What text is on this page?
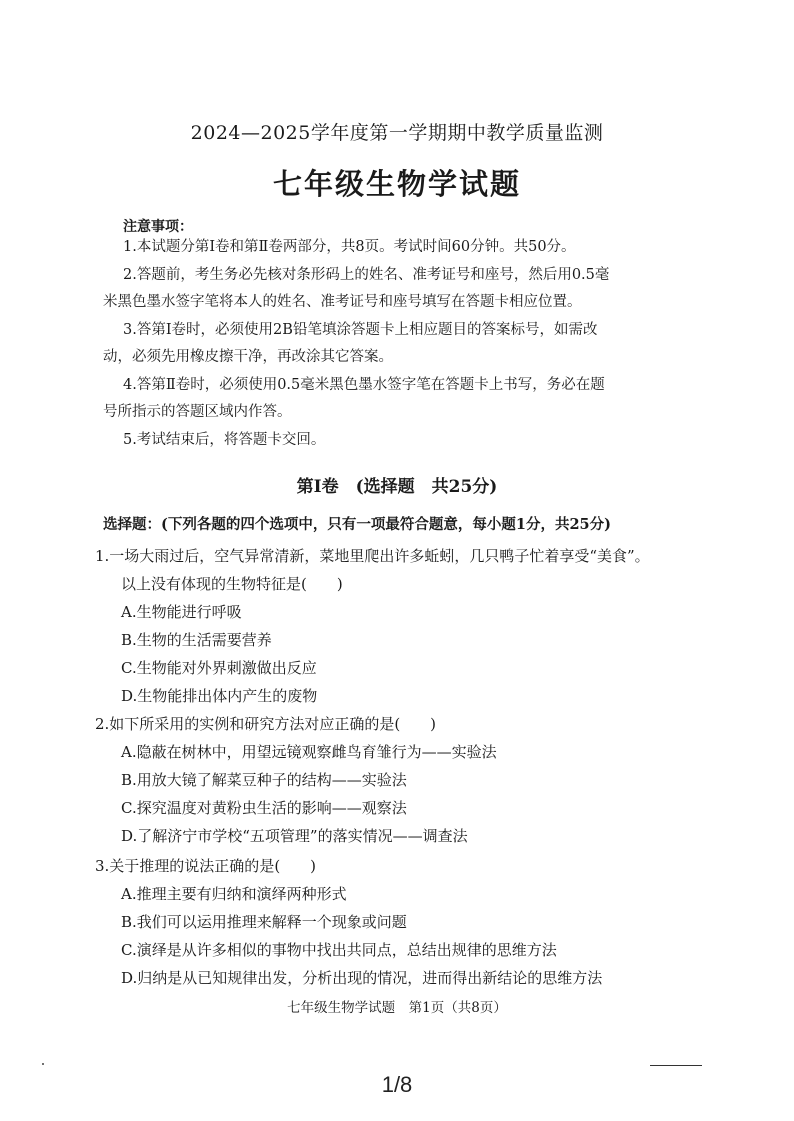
2024—2025学年度第一学期期中教学质量监测
七年级生物学试题
注意事项：
1.本试题分第Ⅰ卷和第Ⅱ卷两部分，共8页。考试时间60分钟。共50分。
2.答题前，考生务必先核对条形码上的姓名、准考证号和座号，然后用0.5毫
米黑色墨水签字笔将本人的姓名、准考证号和座号填写在答题卡相应位置。
3.答第Ⅰ卷时，必须使用2B铅笔填涂答题卡上相应题目的答案标号，如需改
动，必须先用橡皮擦干净，再改涂其它答案。
4.答第Ⅱ卷时，必须使用0.5毫米黑色墨水签字笔在答题卡上书写，务必在题
号所指示的答题区域内作答。
5.考试结束后，将答题卡交回。
第Ⅰ卷　(选择题　共25分)
选择题：(下列各题的四个选项中，只有一项最符合题意，每小题1分，共25分)
1.一场大雨过后，空气异常清新，菜地里爬出许多蚯蚓，几只鸭子忙着享受“美食”。
以上没有体现的生物特征是(　　)
A.生物能进行呼吸
B.生物的生活需要营养
C.生物能对外界刺激做出反应
D.生物能排出体内产生的废物
2.如下所采用的实例和研究方法对应正确的是(　　)
A.隐蔽在树林中，用望远镜观察雌鸟育雏行为——实验法
B.用放大镜了解菜豆种子的结构——实验法
C.探究温度对黄粉虫生活的影响——观察法
D.了解济宁市学校“五项管理”的落实情况——调查法
3.关于推理的说法正确的是(　　)
A.推理主要有归纳和演绎两种形式
B.我们可以运用推理来解释一个现象或问题
C.演绎是从许多相似的事物中找出共同点，总结出规律的思维方法
D.归纳是从已知规律出发，分析出现的情况，进而得出新结论的思维方法
七年级生物学试题　第1页（共8页）
1/8
